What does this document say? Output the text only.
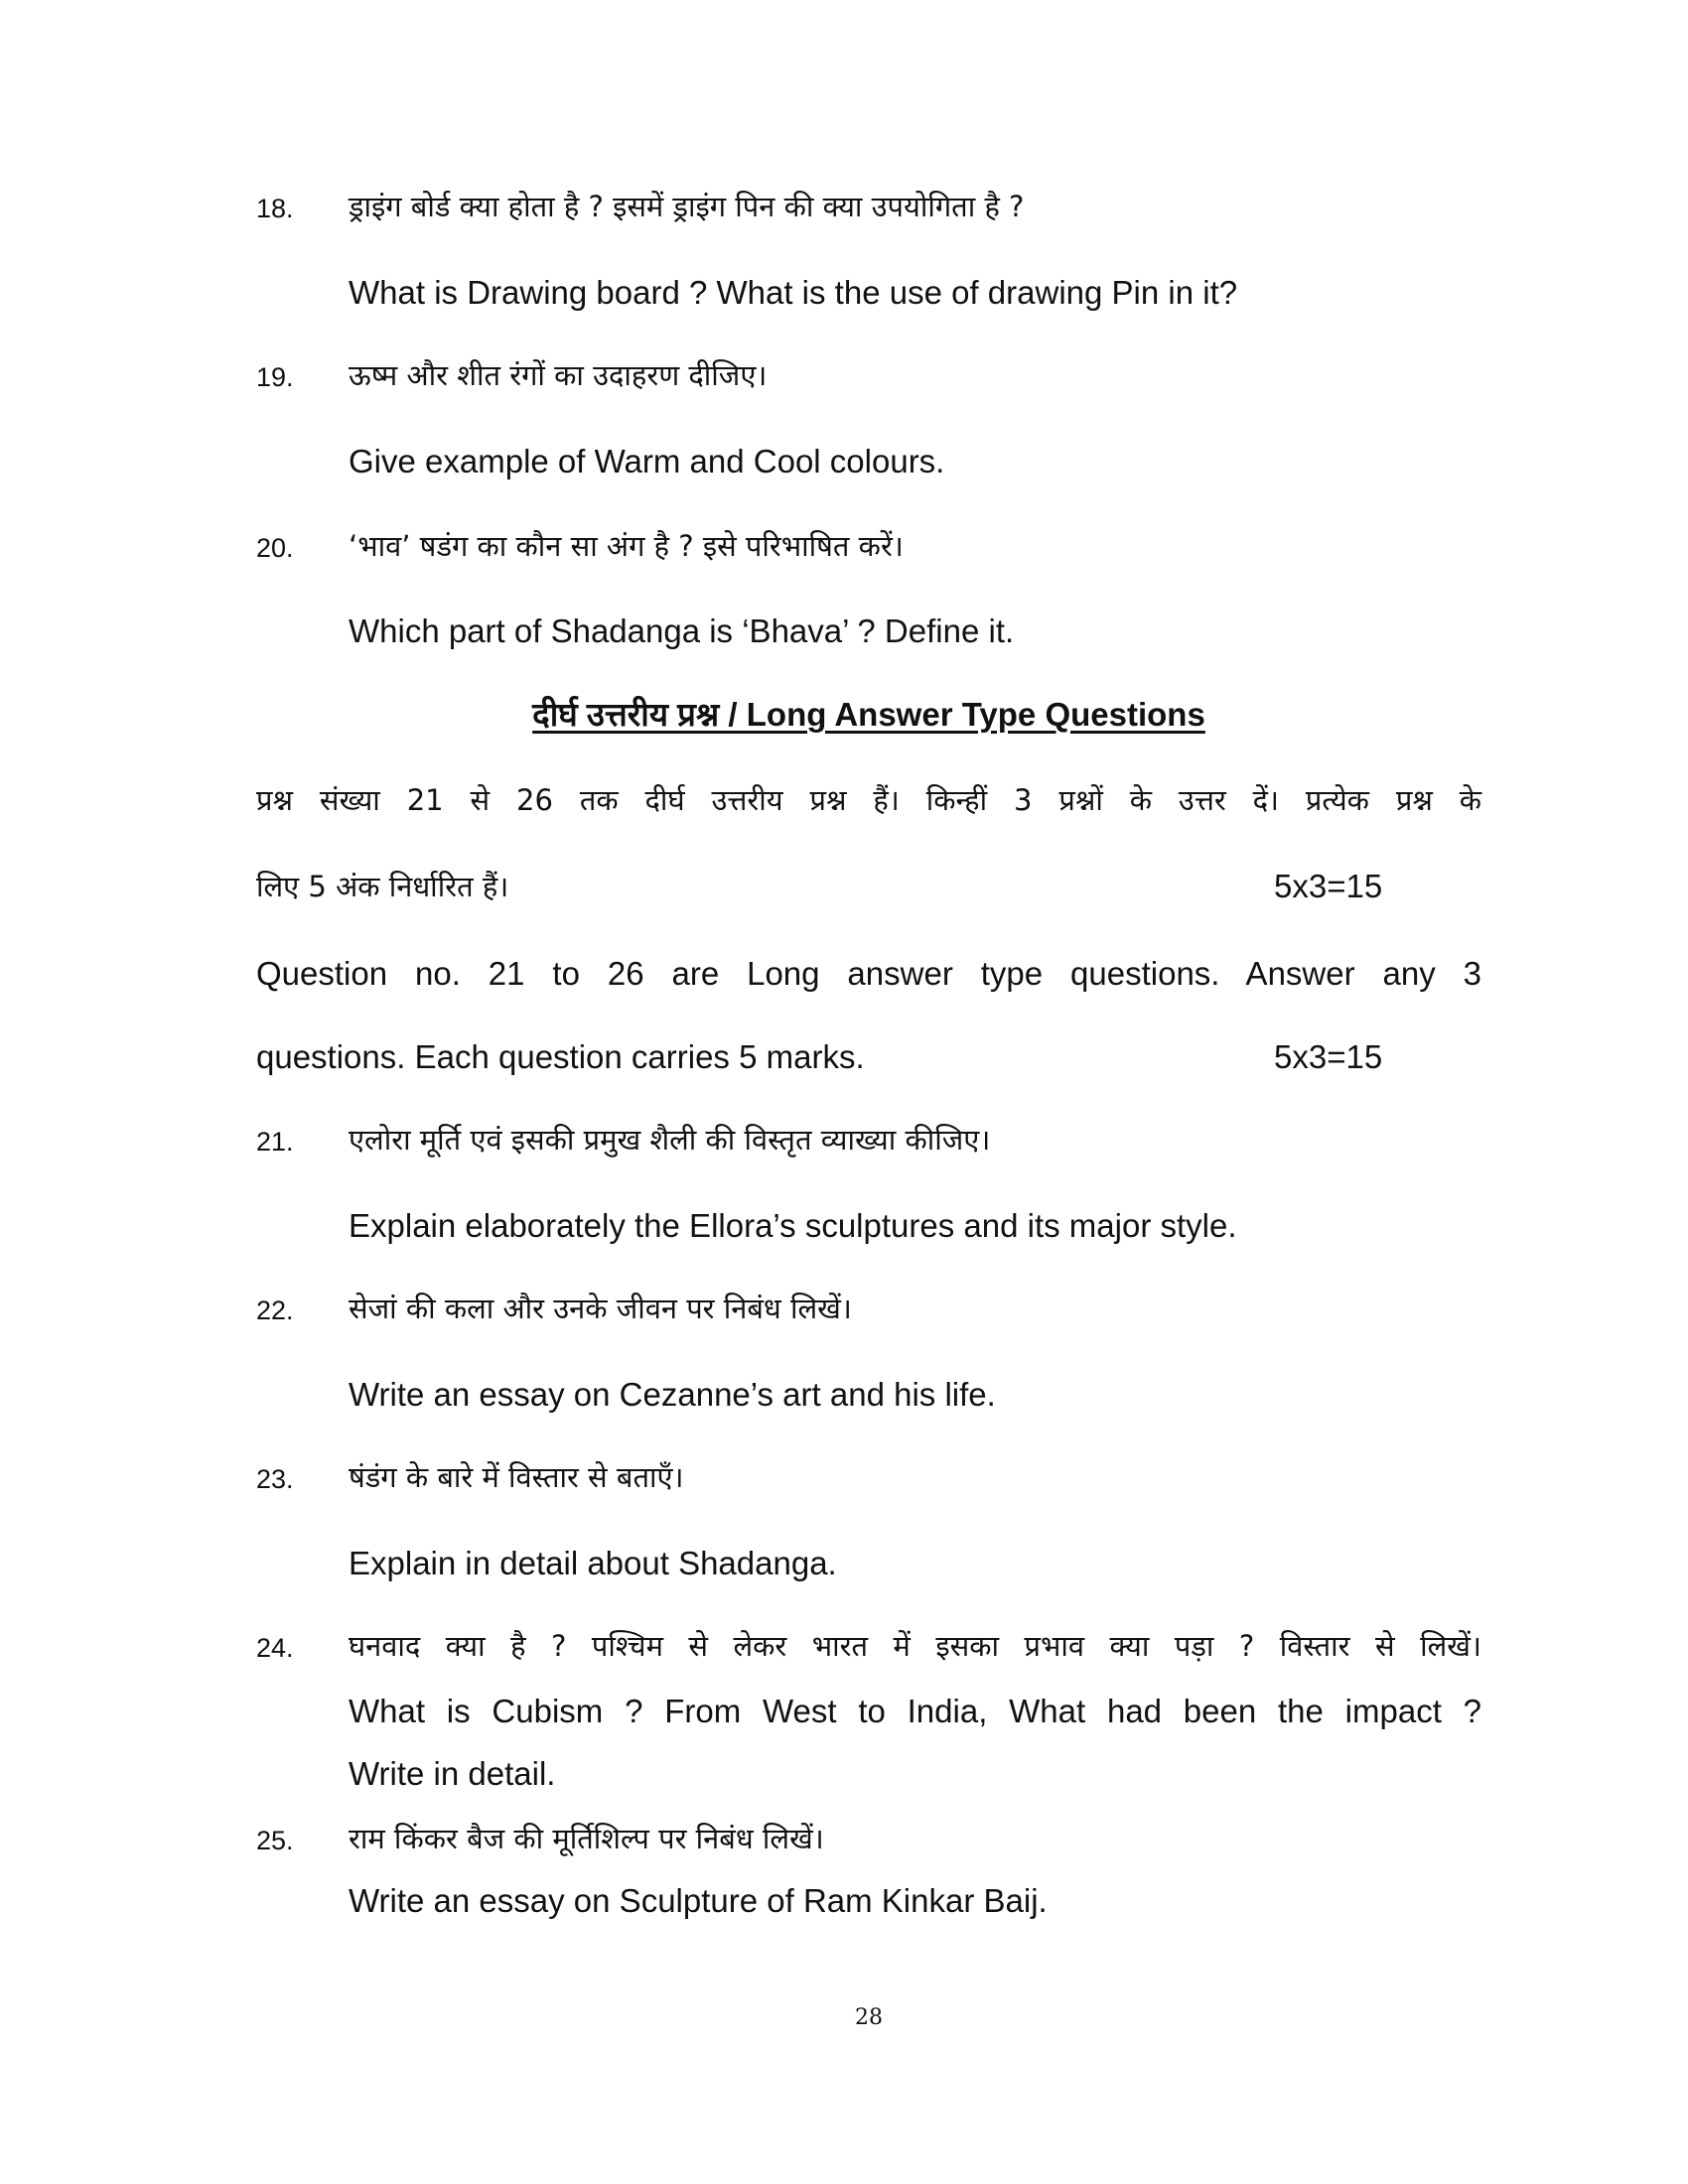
18. ड्राइंग बोर्ड क्या होता है ? इसमें ड्राइंग पिन की क्या उपयोगिता है ?
What is Drawing board ? What is the use of drawing Pin in it?
19. ऊष्म और शीत रंगों का उदाहरण दीजिए।
Give example of Warm and Cool colours.
20. ‘भाव’ षडंग का कौन सा अंग है ? इसे परिभाषित करें।
Which part of Shadanga is ‘Bhava’ ? Define it.
दीर्घ उत्तरीय प्रश्न / Long Answer Type Questions
प्रश्न संख्या 21 से 26 तक दीर्घ उत्तरीय प्रश्न हैं। किन्हीं 3 प्रश्नों के उत्तर दें। प्रत्येक प्रश्न के
लिए 5 अंक निर्धारित हैं।	5x3=15
Question no. 21 to 26 are Long answer type questions. Answer any 3
questions. Each question carries 5 marks.	5x3=15
21. एलोरा मूर्ति एवं इसकी प्रमुख शैली की विस्तृत व्याख्या कीजिए।
Explain elaborately the Ellora’s sculptures and its major style.
22. सेजां की कला और उनके जीवन पर निबंध लिखें।
Write an essay on Cezanne’s art and his life.
23. षंडंग के बारे में विस्तार से बताएँ।
Explain in detail about Shadanga.
24. घनवाद क्या है ? पश्चिम से लेकर भारत में इसका प्रभाव क्या पड़ा ? विस्तार से लिखें।
What is Cubism ? From West to India, What had been the impact ?
Write in detail.
25. राम किंकर बैज की मूर्तिशिल्प पर निबंध लिखें।
Write an essay on Sculpture of Ram Kinkar Baij.
28
